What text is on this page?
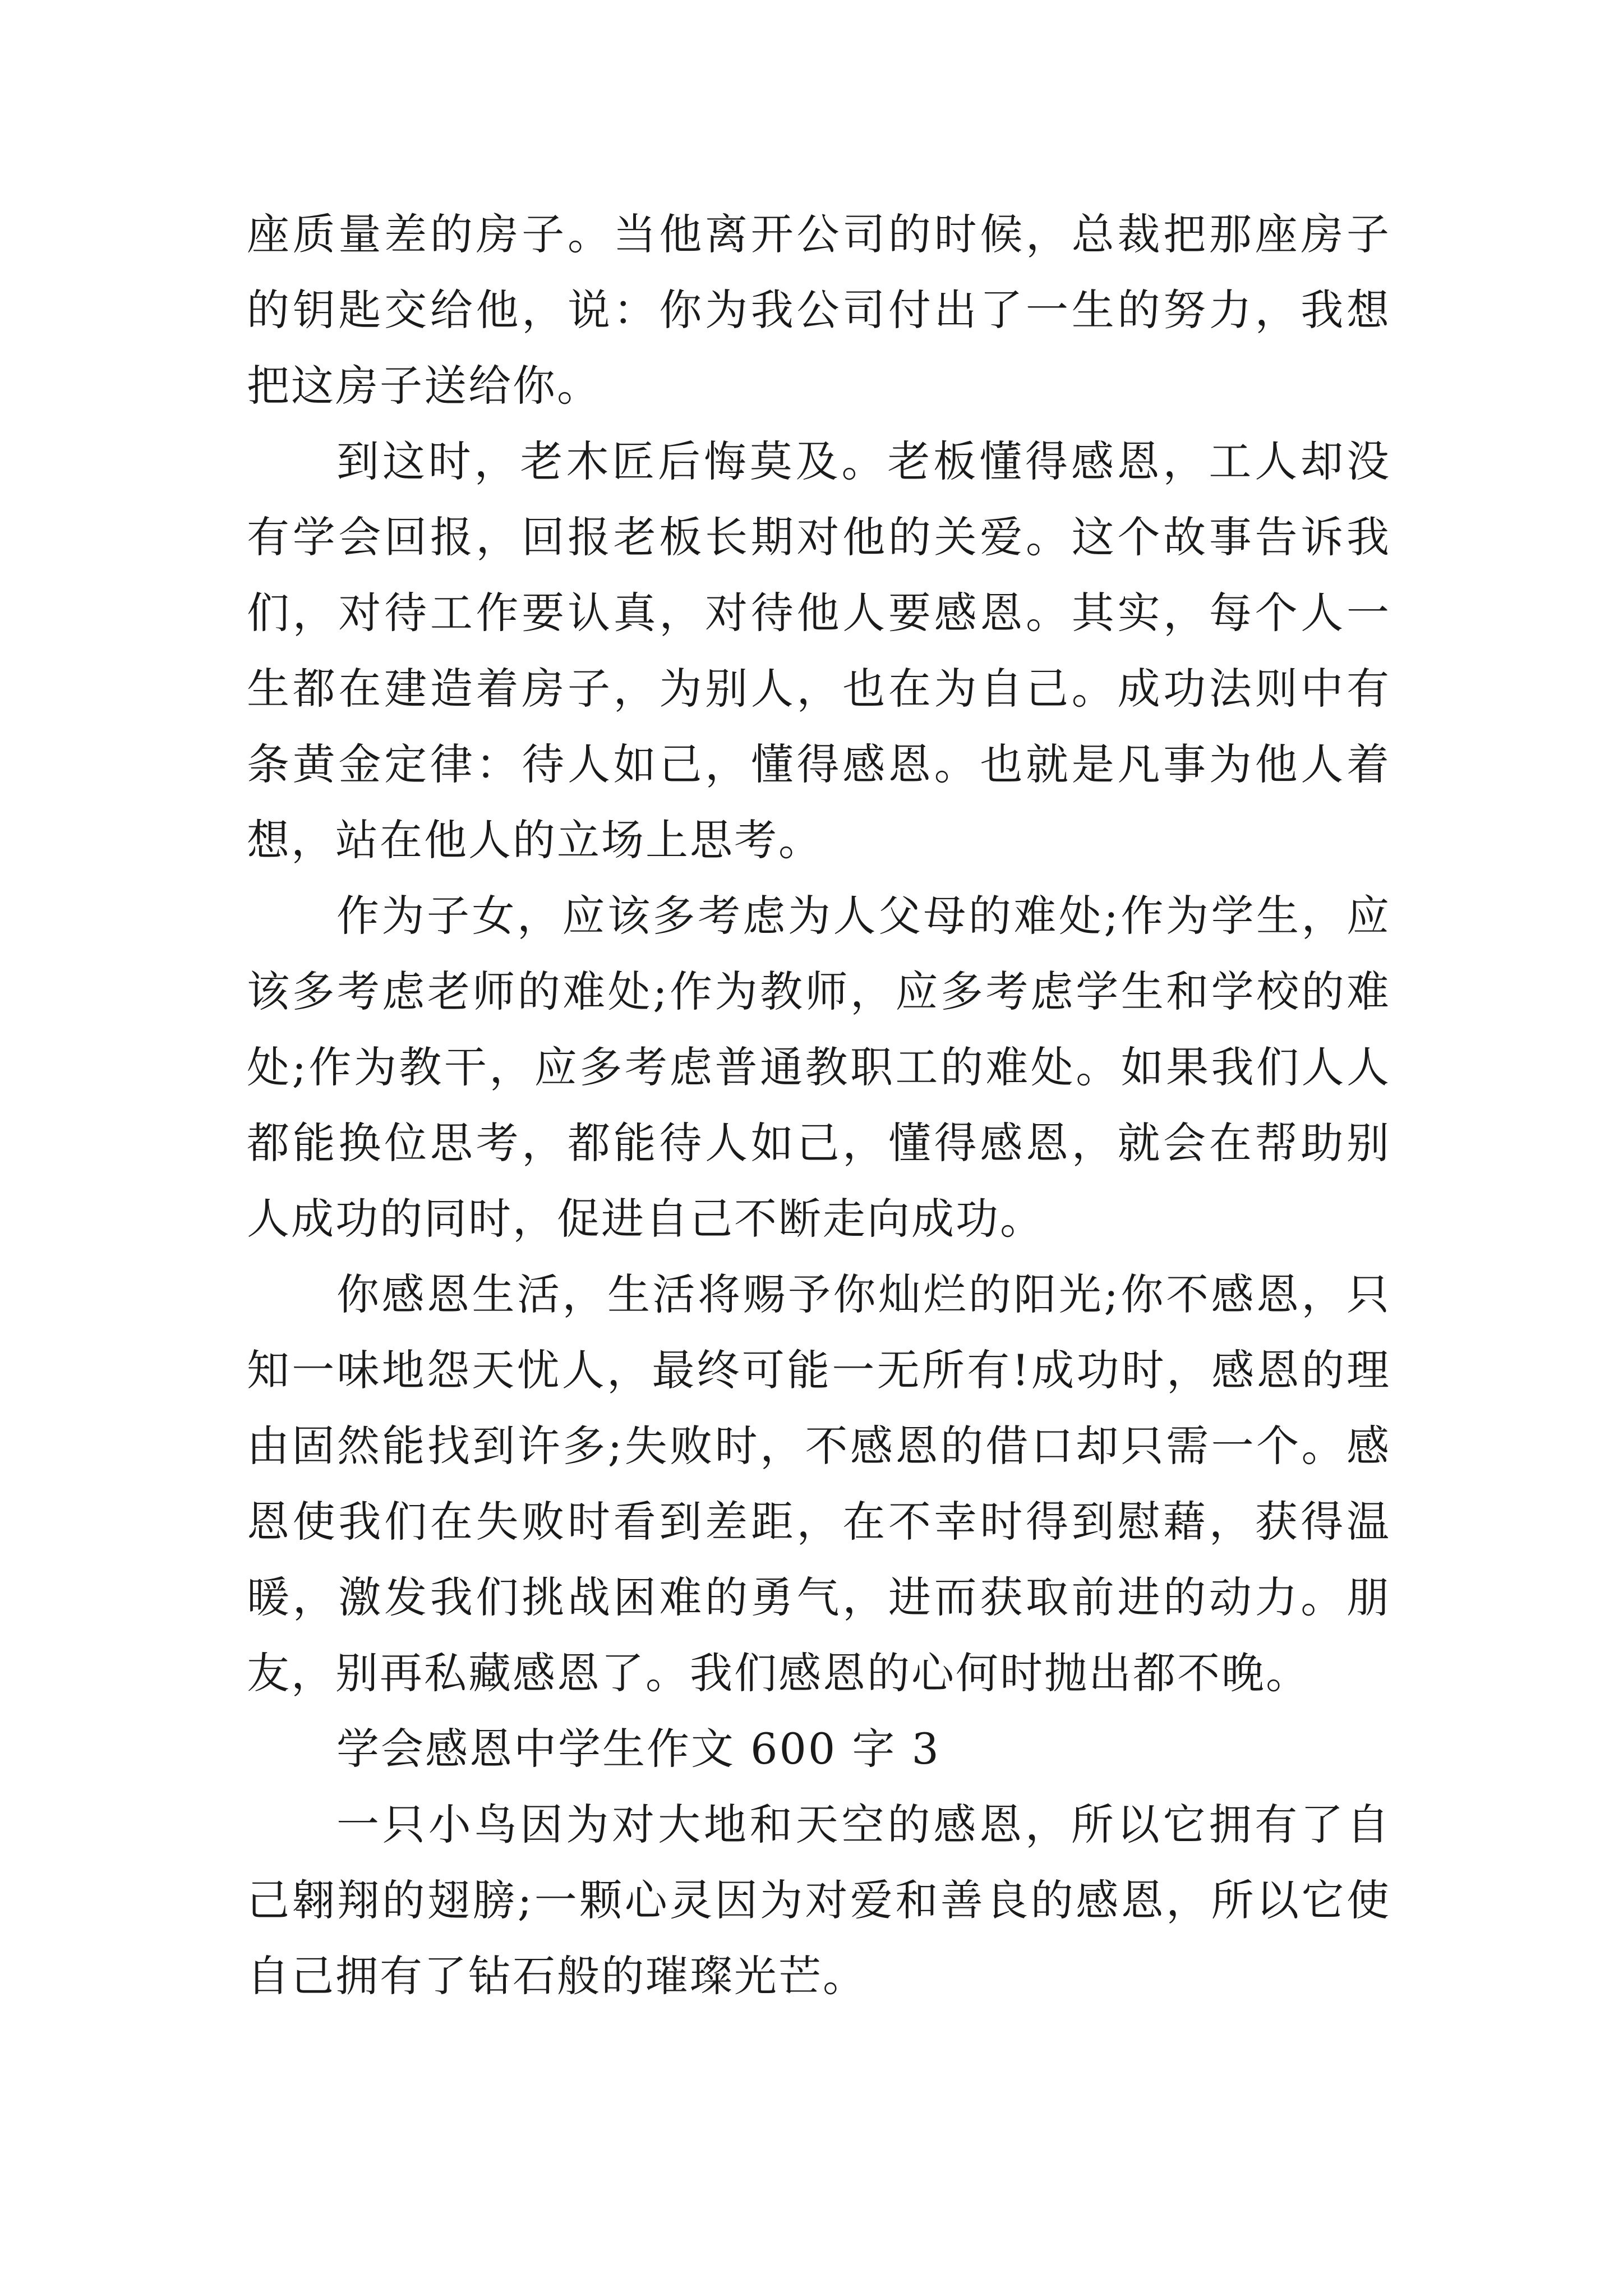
座质量差的房子。当他离开公司的时候，总裁把那座房子的钥匙交给他，说：你为我公司付出了一生的努力，我想把这房子送给你。

到这时，老木匠后悔莫及。老板懂得感恩，工人却没有学会回报，回报老板长期对他的关爱。这个故事告诉我们，对待工作要认真，对待他人要感恩。其实，每个人一生都在建造着房子，为别人，也在为自己。成功法则中有条黄金定律：待人如己，懂得感恩。也就是凡事为他人着想，站在他人的立场上思考。

作为子女，应该多考虑为人父母的难处;作为学生，应该多考虑老师的难处;作为教师，应多考虑学生和学校的难处;作为教干，应多考虑普通教职工的难处。如果我们人人都能换位思考，都能待人如己，懂得感恩，就会在帮助别人成功的同时，促进自己不断走向成功。

你感恩生活，生活将赐予你灿烂的阳光;你不感恩，只知一味地怨天忧人，最终可能一无所有!成功时，感恩的理由固然能找到许多;失败时，不感恩的借口却只需一个。感恩使我们在失败时看到差距，在不幸时得到慰藉，获得温暖，激发我们挑战困难的勇气，进而获取前进的动力。朋友，别再私藏感恩了。我们感恩的心何时抛出都不晚。

学会感恩中学生作文 600 字 3

一只小鸟因为对大地和天空的感恩，所以它拥有了自己翱翔的翅膀;一颗心灵因为对爱和善良的感恩，所以它使自己拥有了钻石般的璀璨光芒。
